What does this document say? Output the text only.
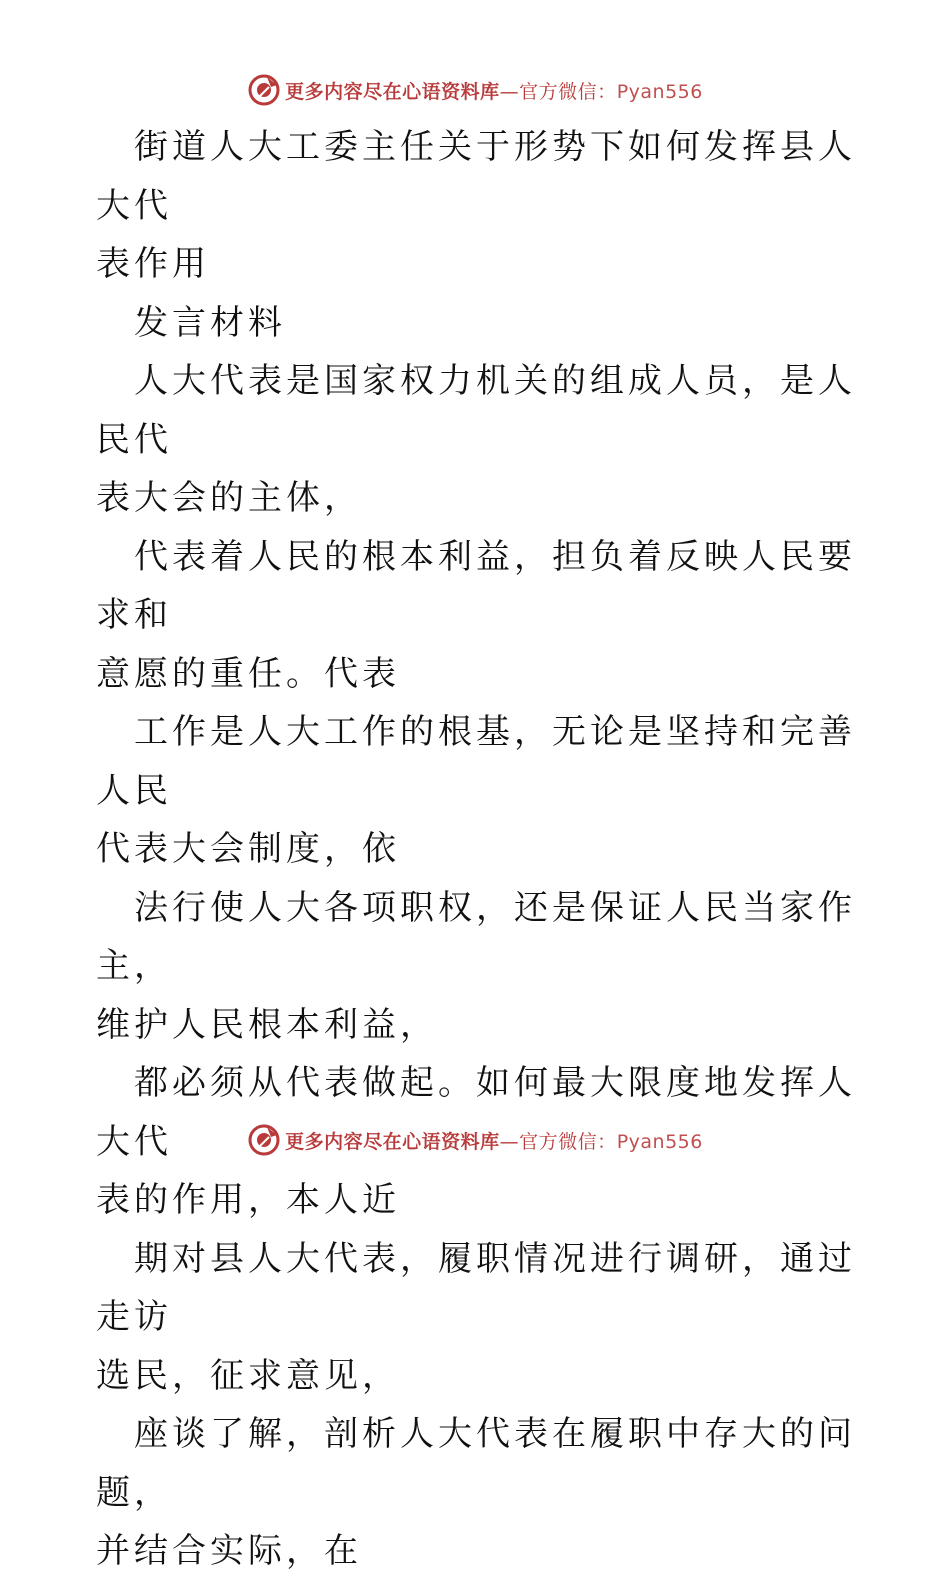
更多内容尽在心语资料库—官方微信：Pyan556

街道人大工委主任关于形势下如何发挥县人大代

表作用

发言材料

人大代表是国家权力机关的组成人员，是人民代

表大会的主体，

代表着人民的根本利益，担负着反映人民要求和

意愿的重任。代表

工作是人大工作的根基，无论是坚持和完善人民

代表大会制度，依

法行使人大各项职权，还是保证人民当家作主，

维护人民根本利益，

都必须从代表做起。如何最大限度地发挥人大代

表的作用，本人近

期对县人大代表，履职情况进行调研，通过走访

选民，征求意见，

座谈了解，剖析人大代表在履职中存大的问题，

并结合实际，在

更多内容尽在心语资料库—官方微信：Pyan556
